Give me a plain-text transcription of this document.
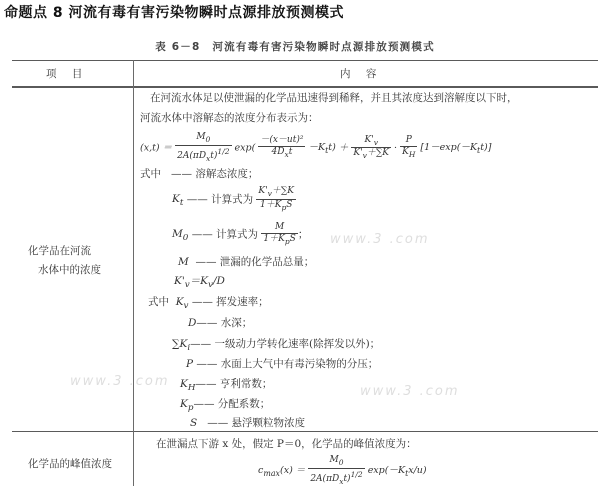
命题点 8 河流有毒有害污染物瞬时点源排放预测模式
表 6－8 河流有毒有害污染物瞬时点源排放预测模式
项 目	内 容
化学品在河流
水体中的浓度
在河流水体足以使泄漏的化学品迅速得到稀释，并且其浓度达到溶解度以下时，
河流水体中溶解态的浓度分布表示为：
$(x,t) = \frac{M_0}{2A(\pi D_xt)^{1/2}} \exp( \frac{\text{－(x－ut)²}}{4D_xt} -K_tt) + \frac{K'_v}{K'_v+\sum K} \cdot \frac{P}{K_H} [1-\exp(-K_tt)]$
式中 —— 溶解态浓度；
$K_t$ —— 计算式为 $\frac{K'_v+\sum K}{1+K_pS}$
$M_0$ —— 计算式为 $\frac{M}{1+K_pS}$ ；
M —— 泄漏的化学品总量；
$K'_v=K_v/D$
式中 $K_v$ —— 挥发速率；
D—— 水深；
$\sum K_i——$ 一级动力学转化速率(除挥发以外)；
P —— 水面上大气中有毒污染物的分压；
$K_H——$ 亨利常数；
$K_p——$ 分配系数；
S —— 悬浮颗粒物浓度
化学品的峰值浓度
在泄漏点下游 x 处，假定 P＝0，化学品的峰值浓度为：
$c_{max}(x) = \frac{M_0}{2A(\pi D_xt)^{1/2}} \exp(-K_tx/u)$
www.3 .com
www.3 .com
www.3 .com
